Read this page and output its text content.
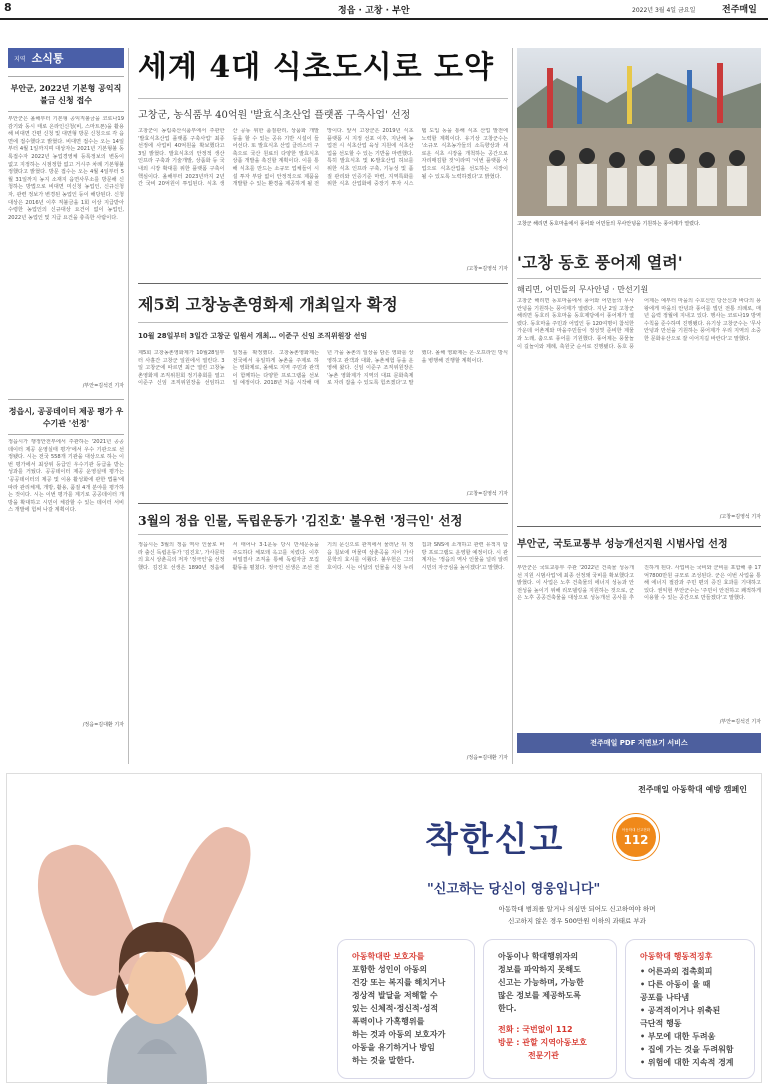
8	정읍 · 고창 · 부안	2022년 3월 4일 금요일	전주매일
지역 소식통
부안군, 2022년 기본형 공익직불금 신청 접수
부안군은 올해부터 기본형 공익직불금을 코로나19 감기와 동시 태로 온라인신청(비, 스마트폰)을 활용해 비대면 간편 신청 및 대면형 방문 신청으로 각 읍면에 접수했다고 밝혔다. 비대면 접수는 오는 14일부터 4월 1일까지며 대상자는 2021년 기본형불 동록접수자 2022년 농업경영체 등록정보의 변동이 없고 지정하는 시점정함 없고 거시주 차례 기본형불 정했다고 밝혔다. 방문 접수는 오는 4월 4일부터 5월 31일까지 농지 소재지 읍면사무소를 방문해 신청하는 방법으로 비대면 미신청 농업인, 신규신청자, 관련 정보가 변경된 농업인 등이 해당된다. 신청대상은 2016년 이후 직불금을 1회 이상 지급받아 수령한 농업인의 신규대상 요건이 없이 농업인, 2022년 농업인 및 지급 요건을 충족한 사람이다.
/부안=김석진 기자
정읍시, 공공데이터 제공 평가 우수기관 '선정'
정읍시가 행정안전부에서 주관하는 '2021년 공공데이터 제공 운영실태 평가'에서 우수 기관으로 선정됐다. 시는 전국 558개 기관을 대상으로 하는 이번 평가에서 최상위 등급인 우수기관 등급을 받는 성과를 거뒀다. 공공데이터 제공 운영실태 평가는 '공공데이터의 제공 및 이용 활성화에 관한 법률'에 따라 관리체계, 개방, 활용, 품질 4개 분야를 평가하는 것이다. 시는 이번 평가를 계기로 공공데이터 개방을 확대하고 시민이 체감할 수 있는 데이터 서비스 개발에 힘써 나갈 계획이다.
/정읍=김대환 기자
세계 4대 식초도시로 도약
고창군, 농식품부 40억원 '발효식초산업 플랫폼 구축사업' 선정
고창군이 농림축산식품부에서 주관한 '발효식초산업 플랫폼 구축사업' 최종 선정에 사업비 40억원을 확보했다고 3일 밝혔다. 발효식초의 안정적 생산 인프라 구축과 기술개발, 상품화 등 국내외 시장 확대를 위한 플랫폼 구축이 핵심이다. 올해부터 2023년까지 2년간 국비 20억원이 투입된다. 식초 생산 공동 위한 품질관리, 상품화 개발 등을 할 수 있는 공유 기반 시설이 들어선다. 또 발효식초 산업 클러스터 구축으로 국산 원료의 다양한 발효식초 상품 개발을 촉진할 계획이다. 이를 통해 식초를 만드는 소규모 업체들이 시설 투자 부담 없이 안정적으로 제품을 개발할 수 있는 환경을 제공하게 될 전망이다. 앞서 고창군은 2019년 식초플랫폼 시 지정 선포 이후, 지난해 농업전 시 식초산업 육성 지원에 식초산업을 선도할 수 있는 기반을 마련했다. 특히 발효식초 및 K-발효산업 허브를 위한 식초 인프라 구축, 기능성 및 품질 관리와 인증기준 마련, 지역특화를 위한 식초 산업화에 중장기 투자 시스템 도입 동을 통해 식초 산업 발전에 노력할 계획이다. 유기상 고창군수는 '소규모 식초농가들의 소득향상과 새로운 식초 시장을 개척하는 공간으로 자리매김할 것'이라며 '이번 플랫폼 사업으로 식초산업을 선도하는 시장이 될 수 있도록 노력하겠다'고 밝혔다.
/고창=김영석 기자
고창군 해리면 동호마을에서 풍어와 어민들의 무사안녕을 기원하는 풍어제가 열렸다.
'고창 동호 풍어제 열려'
해리면, 어민들의 무사안녕 · 만선기원
고창군 해리면 동호마을에서 풍어와 어민들의 무사안녕을 기원하는 풍어제가 열렸다. 지난 2일 고창군 해리면 동호리 동호마을 동호제당에서 풍어제가 열렸다. 동호마을 주민과 어업인 등 120여명이 참석한 가운데 어촌계와 마을주민들이 정성껏 준비한 제물과 노래, 춤으로 풍어를 기원했다. 풍어제는 풍물놀이 길놀이와 제례, 축원굿 순서로 진행됐다. 동호 풍어제는 예부터 마을의 수호신인 당산신과 바다의 용왕에게 마을의 안녕과 풍어를 빌던 전통 의례로, 매년 음력 정월에 지내고 있다. 행사는 코로나19 방역수칙을 준수하며 진행됐다. 유기상 고창군수는 '무사안녕과 만선을 기원하는 풍어제가 우리 지역의 소중한 문화유산으로 잘 이어지길 바란다'고 말했다.
/고창=김영석 기자
제5회 고창농촌영화제 개최일자 확정
10월 28일부터 3일간 고창군 일원서 개최… 이준구 신임 조직위원장 선임
제5회 고창농촌영화제가 10월28일부터 사흘간 고창군 일원에서 열린다. 3일 고창군에 따르면 최근 열린 고창농촌영화제 조직위원회 정기총회를 열고 이준구 신임 조직위원장을 선임하고 일정을 확정했다. 고창농촌영화제는 전국에서 유일하게 농촌을 주제로 하는 영화제로, 올해도 지역 주민과 관객이 함께하는 다양한 프로그램을 선보일 예정이다. 2018년 처음 시작해 매년 가을 농촌의 일상을 담은 영화를 상영하고 관객과 대화, 농촌체험 등을 운영해 왔다. 신임 이준구 조직위원장은 '농촌 영화제가 지역의 대표 문화축제로 자리 잡을 수 있도록 힘쓰겠다'고 말했다. 올해 영화제는 온·오프라인 방식을 병행해 진행할 계획이다.
/고창=김영석 기자
3월의 정읍 인물, 독립운동가 '김진호' 불우헌 '정극인' 선정
정읍시는 3월의 정읍 역사 인물로 바라 출신 독립운동가 '김진호', 가사문학의 효시 상춘곡의 저자 '정극인'을 선정했다. 김진호 선생은 1890년 정읍에서 태어나 3·1운동 당시 만세운동을 주도하다 체포돼 옥고를 치렀다. 이후 비밀결사 조직을 통해 독립자금 모집 활동을 펼쳤다. 정극인 선생은 조선 전기의 문신으로 관직에서 물러난 뒤 정읍 칠보에 머물며 상춘곡을 지어 가사문학의 효시를 이뤘다. 불우헌은 그의 호이다. 시는 이달의 인물을 시청 누리집과 SNS에 소개하고 관련 유적지 탐방 프로그램도 운영할 예정이다. 시 관계자는 '정읍의 역사 인물을 널리 알려 시민의 자긍심을 높이겠다'고 말했다.
/정읍=김대환 기자
부안군, 국토교통부 성능개선지원 시범사업 선정
부안군은 국토교통부 주관 '2022년 건축물 성능개선 지원 시범사업'에 최종 선정돼 국비를 확보했다고 밝혔다. 이 사업은 노후 건축물의 에너지 성능과 안전성을 높이기 위해 리모델링을 지원하는 것으로, 군은 노후 공공건축물을 대상으로 성능개선 공사를 추진하게 된다. 사업비는 국비와 군비를 포함해 총 17억7800만원 규모로 조성된다. 군은 이번 사업을 통해 에너지 절감과 주민 편의 증진 효과를 기대하고 있다. 권익현 부안군수는 '주민이 안전하고 쾌적하게 이용할 수 있는 공간으로 만들겠다'고 말했다.
/부안=김석진 기자
전주매일 PDF 지면보기 서비스
전주매일 아동학대 예방 캠페인
착한신고	아동학대 신고전화
112
"신고하는 당신이 영웅입니다"
아동학대 범죄를 알거나 의심만 되어도 신고하여야 하며
신고하지 않은 경우 500만원 이하의 과태료 부과
아동학대란 보호자를
포함한 성인이 아동의
건강 또는 복지를 해치거나
정상적 발달을 저해할 수
있는 신체적·정신적·성적
폭력이나 가혹행위를
하는 것과 아동의 보호자가
아동을 유기하거나 방임
하는 것을 말한다.
아동이나 학대행위자의
정보를 파악하지 못해도
신고는 가능하며, 가능한
많은 정보를 제공하도록
한다.
전화 : 국번없이 112
방문 : 관할 지역아동보호
전문기관
아동학대 행동적징후
• 어른과의 접촉회피
• 다른 아동이 울 때
공포를 나타냄
• 공격적이거나 위축된
극단적 행동
• 부모에 대한 두려움
• 집에 가는 것을 두려워함
• 위험에 대한 지속적 경계
